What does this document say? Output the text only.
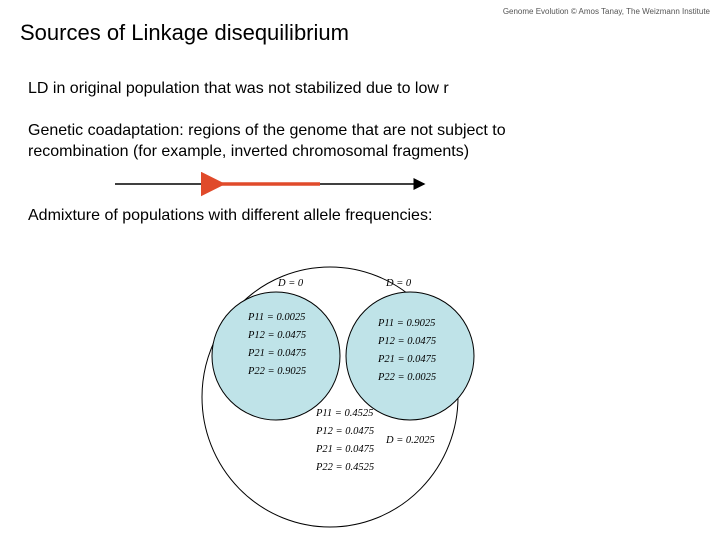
Genome Evolution © Amos Tanay, The Weizmann Institute
Sources of Linkage disequilibrium
LD in original population that was not stabilized due to low r
Genetic coadaptation: regions of the genome that are not subject to recombination (for example, inverted chromosomal fragments)
Admixture of populations with different allele frequencies:
D = 0
P11 = 0.0025
P12 = 0.0475
P21 = 0.0475
P22 = 0.9025
D = 0
P11 = 0.9025
P12 = 0.0475
P21 = 0.0475
P22 = 0.0025
P11 = 0.4525
P12 = 0.0475
P21 = 0.0475
P22 = 0.4525
D = 0.2025
